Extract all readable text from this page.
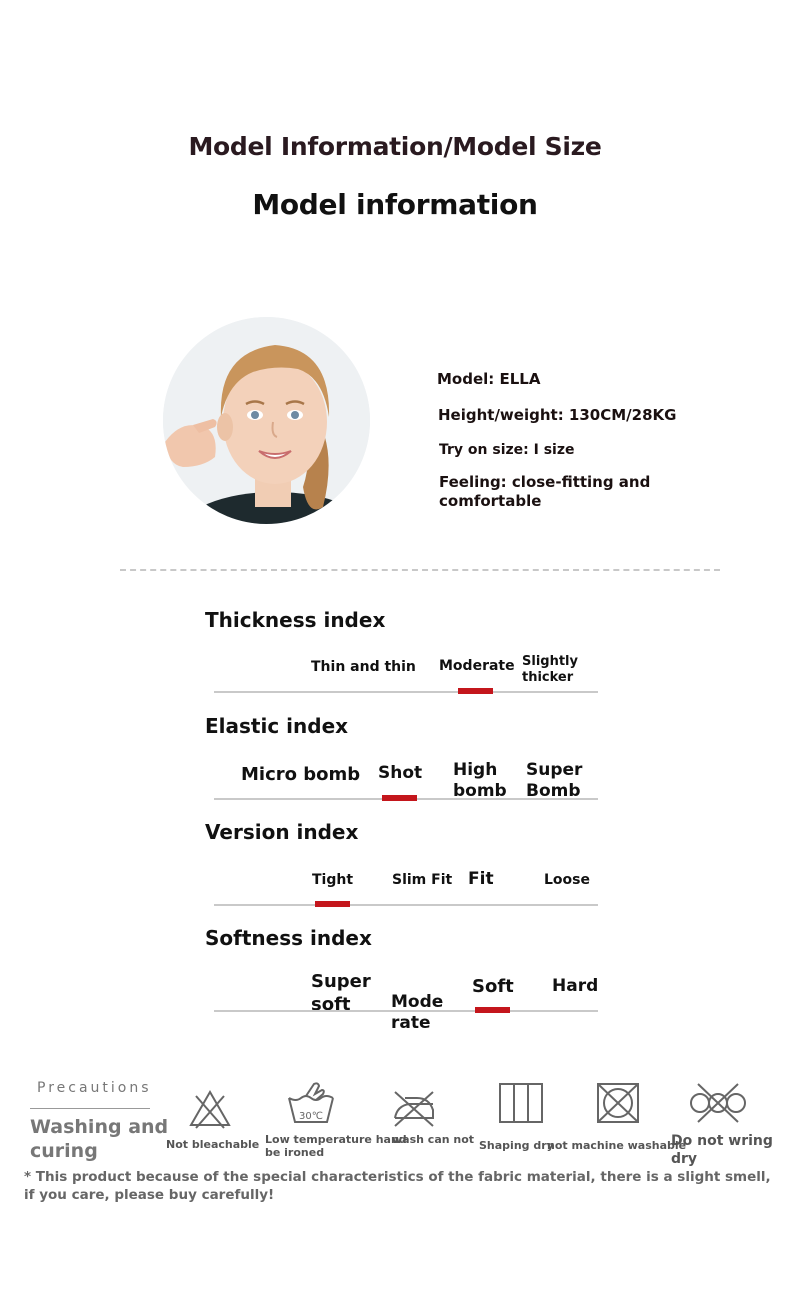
Model Information/Model Size
Model information
Model: ELLA
Height/weight: 130CM/28KG
Try on size: I size
Feeling: close-fitting and
comfortable
Thickness index
Thin and thin Moderate Slightly
thicker
Elastic index
Micro bomb Shot High
bomb
Super
Bomb
Version index
Tight	Slim Fit Fit	Loose
Softness index
Super
soft Mode
rate
Soft Hard
Precautions
Washing and
curing
30℃
Not bleachable Low temperature hand
be ironed
wash can not Shaping dry
not machine washable
Do not wring
dry
* This product because of the special characteristics of the fabric material, there is a slight smell,
if you care, please buy carefully!
